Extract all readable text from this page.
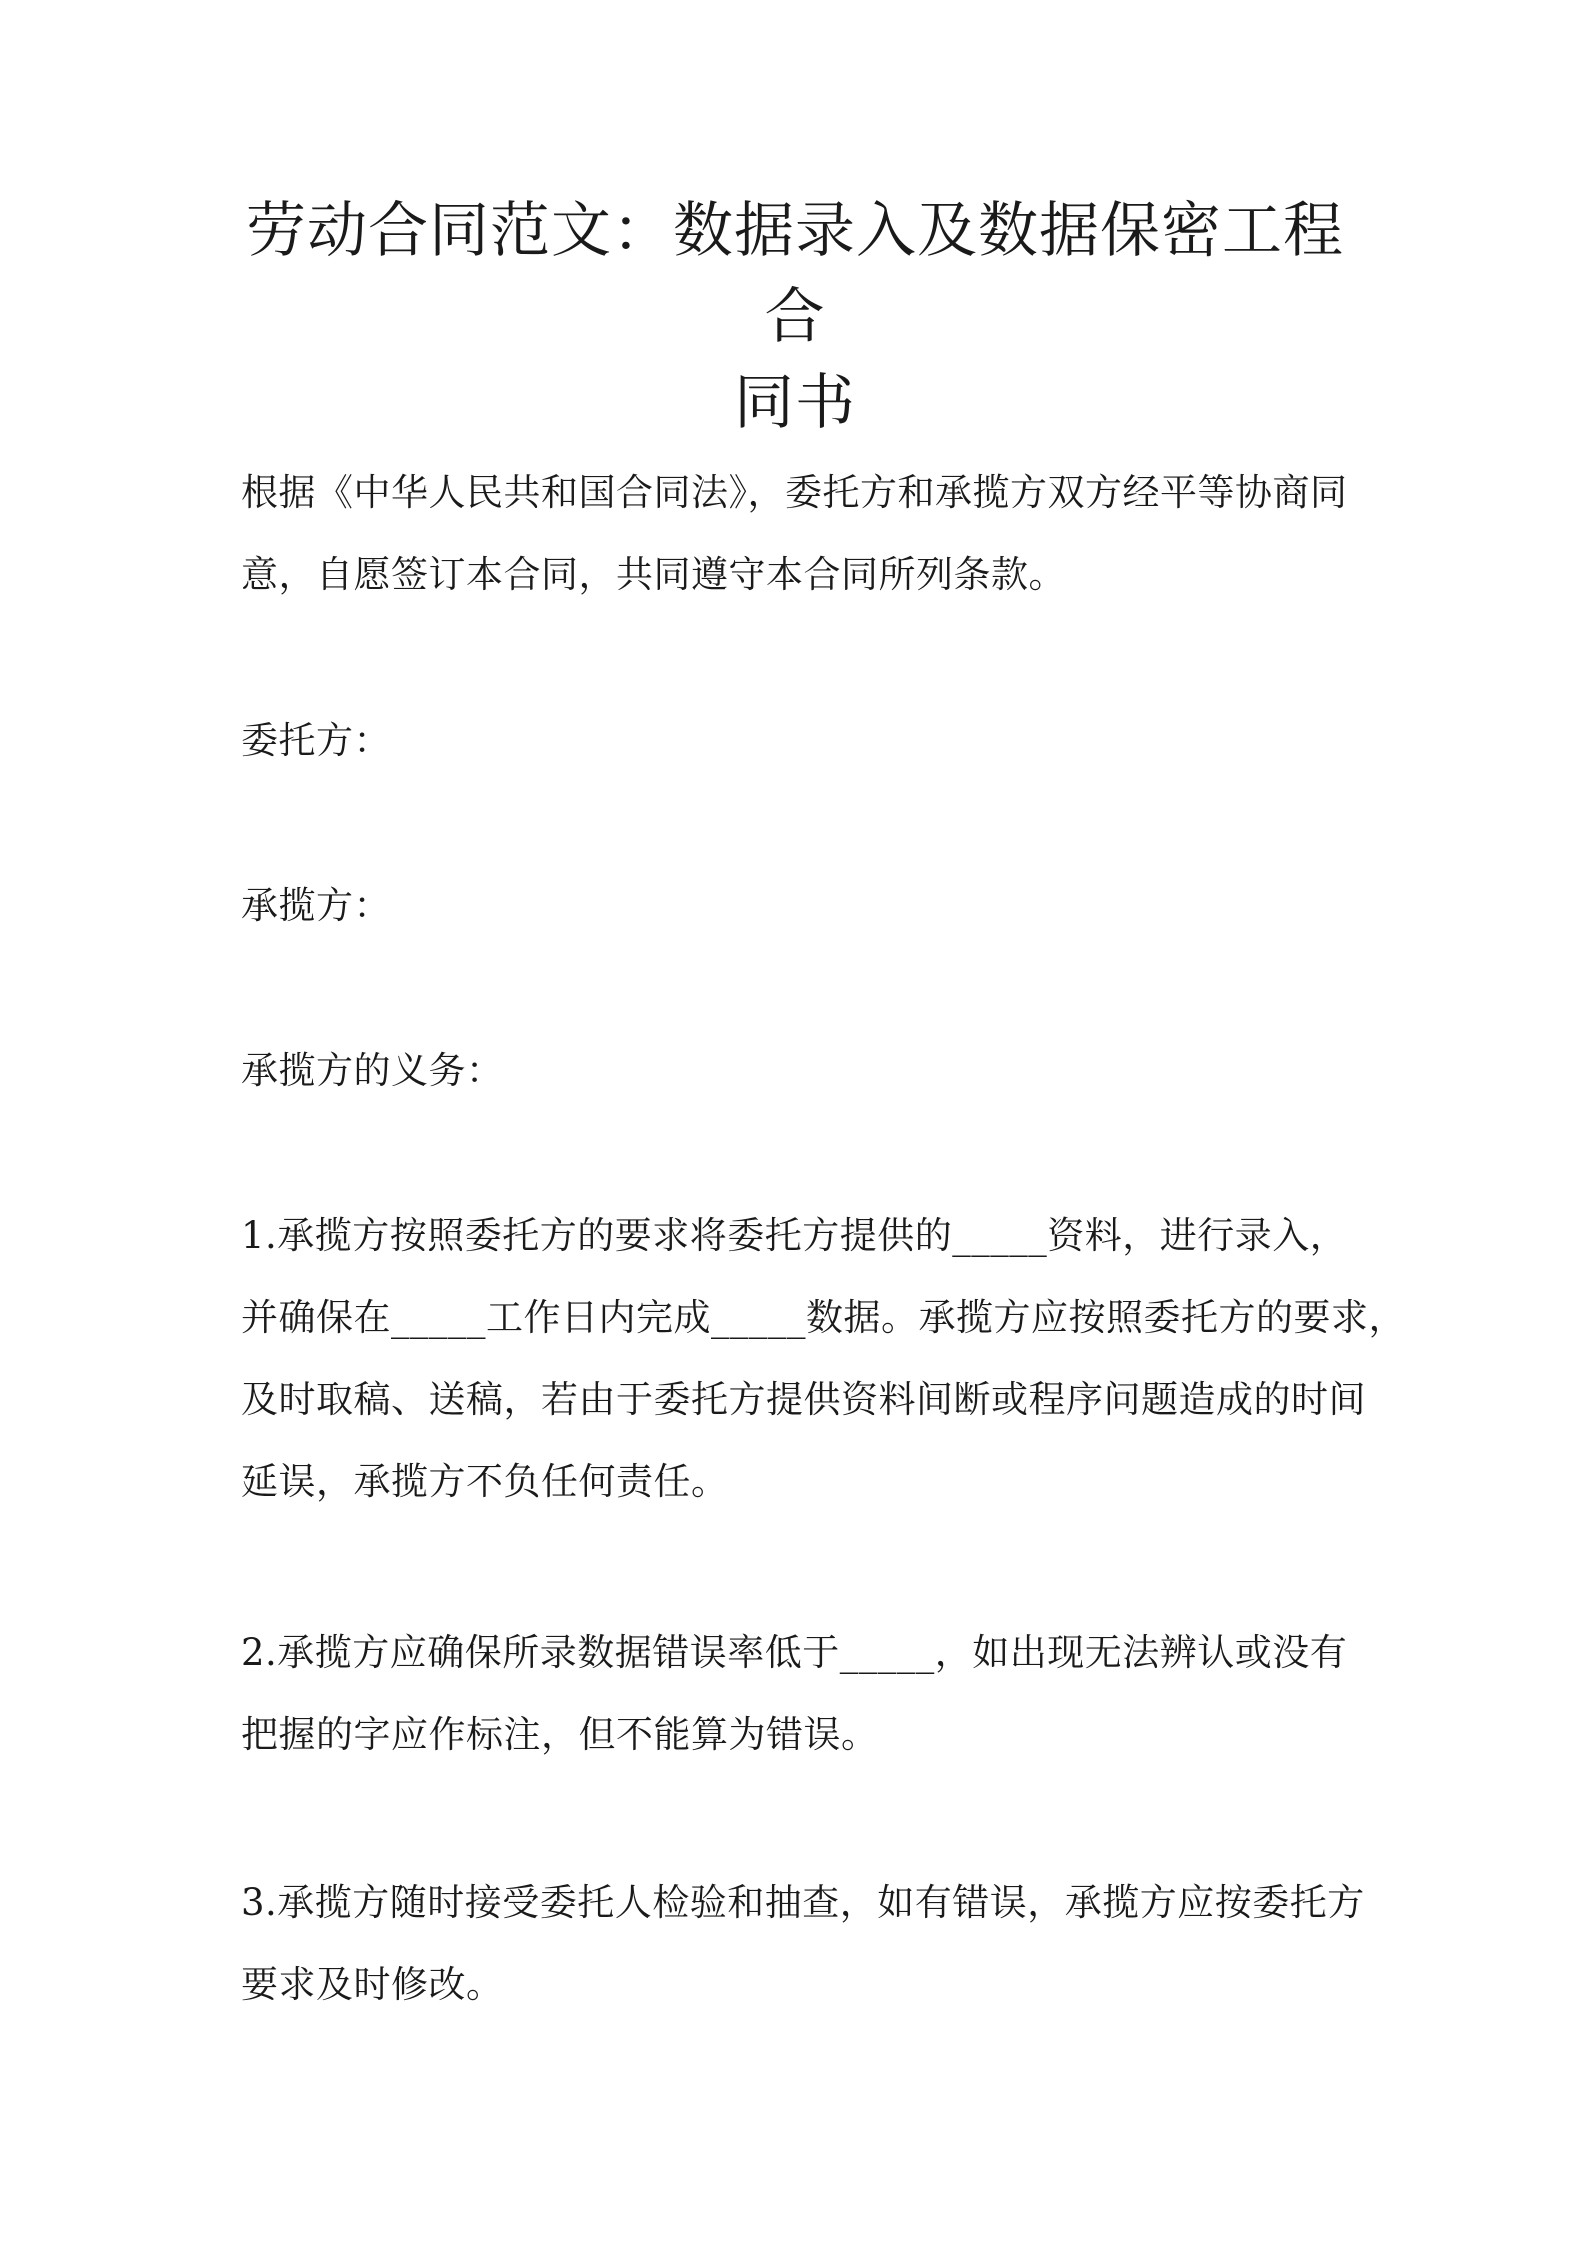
劳动合同范文：数据录入及数据保密工程合
同书

根据《中华人民共和国合同法》，委托方和承揽方双方经平等协商同
意，自愿签订本合同，共同遵守本合同所列条款。

委托方：

承揽方：

承揽方的义务：

1.承揽方按照委托方的要求将委托方提供的_____资料，进行录入，
并确保在_____工作日内完成_____数据。承揽方应按照委托方的要求，
及时取稿、送稿，若由于委托方提供资料间断或程序问题造成的时间
延误，承揽方不负任何责任。

2.承揽方应确保所录数据错误率低于_____，如出现无法辨认或没有
把握的字应作标注，但不能算为错误。

3.承揽方随时接受委托人检验和抽查，如有错误，承揽方应按委托方
要求及时修改。
